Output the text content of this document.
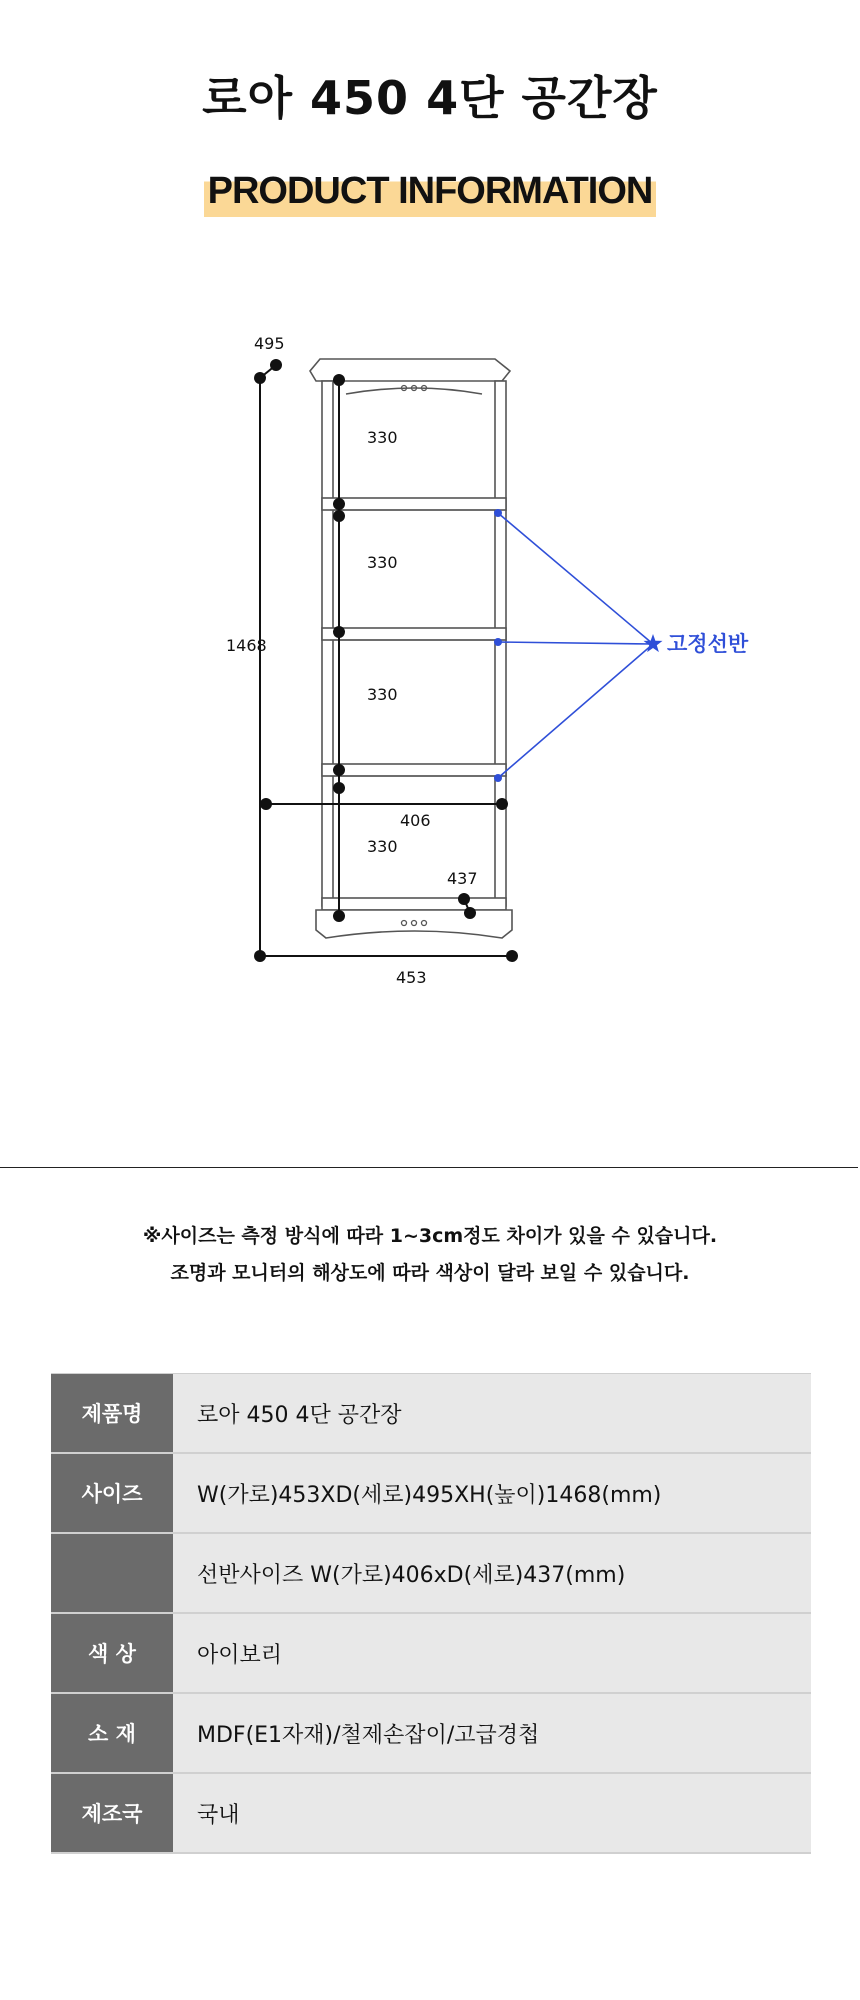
로아 450 4단 공간장
PRODUCT INFORMATION
495
1468
330
330
330
330
406
437
453
고정선반

※사이즈는 측정 방식에 따라 1~3cm정도 차이가 있을 수 있습니다.

조명과 모니터의 해상도에 따라 색상이 달라 보일 수 있습니다.

제품명	로아 450 4단 공간장
사이즈	W(가로)453XD(세로)495XH(높이)1468(mm)
	선반사이즈 W(가로)406xD(세로)437(mm)
색 상	아이보리
소 재	MDF(E1자재)/철제손잡이/고급경첩
제조국	국내
